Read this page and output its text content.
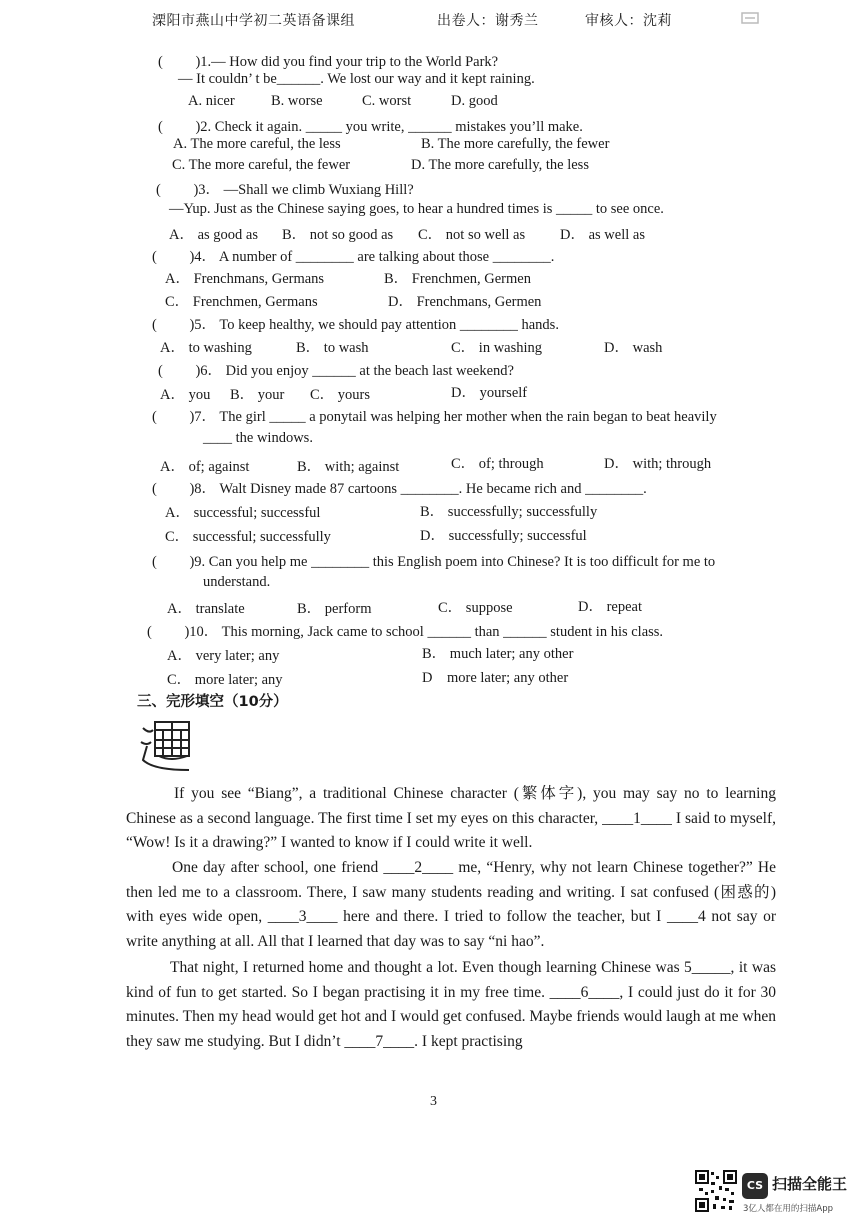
溧阳市燕山中学初二英语备课组	出卷人：谢秀兰	审核人：沈莉
(　　 )1.— How did you find your trip to the World Park?
— It couldn’ t be______. We lost our way and it kept raining.
A. nicer	B. worse	C. worst	D. good
(　　 )2. Check it again. _____ you write, ______ mistakes you’ll make.
A. The more careful, the less	B. The more carefully, the fewer
C. The more careful, the fewer	D. The more carefully, the less
(　　 )3． —Shall we climb Wuxiang Hill?
—Yup. Just as the Chinese saying goes, to hear a hundred times is _____ to see once.
A． as good as B． not so good as C． not so well as D． as well as
(　　 )4． A number of ________ are talking about those ________.
A． Frenchmans, Germans	B． Frenchmen, Germen
C． Frenchmen, Germans	D． Frenchmans, Germen
(　　 )5． To keep healthy, we should pay attention ________ hands.
A． to washing	B． to wash	C． in washing	D． wash
(　　 )6． Did you enjoy ______ at the beach last weekend?
A． you B． your C． yours	D． yourself
(　　 )7． The girl _____ a ponytail was helping her mother when the rain began to beat heavily
____ the windows.
A． of; against	B． with; against	C． of; through	D． with; through
(　　 )8． Walt Disney made 87 cartoons ________. He became rich and ________.
A． successful; successful	B． successfully; successfully
C． successful; successfully	D． successfully; successful
(　　 )9. Can you help me ________ this English poem into Chinese? It is too difficult for me to
understand.
A． translate	B． perform	C． suppose	D． repeat
(　　 )10． This morning, Jack came to school ______ than ______ student in his class.
A． very later; any	B． much later; any other
C． more later; any	D　more later; any other
三、完形填空（10分）
If you see “Biang”, a traditional Chinese character (繁体字), you may say no to learning Chinese as a second language. The first time I set my eyes on this character, ____1____ I said to myself, “Wow! Is it a drawing?” I wanted to know if I could write it well.
One day after school, one friend ____2____ me, “Henry, why not learn Chinese together?” He then led me to a classroom. There, I saw many students reading and writing. I sat confused (困惑的) with eyes wide open, ____3____ here and there. I tried to follow the teacher, but I ____4 not say or write anything at all. All that I learned that day was to say “ni hao”.
That night, I returned home and thought a lot. Even though learning Chinese was 5_____, it was kind of fun to get started. So I began practising it in my free time. ____6____, I could just do it for 30 minutes. Then my head would get hot and I would get confused. Maybe friends would laugh at me when they saw me studying. But I didn’t ____7____. I kept practising
3
CS 扫描全能王
3亿人都在用的扫描App
